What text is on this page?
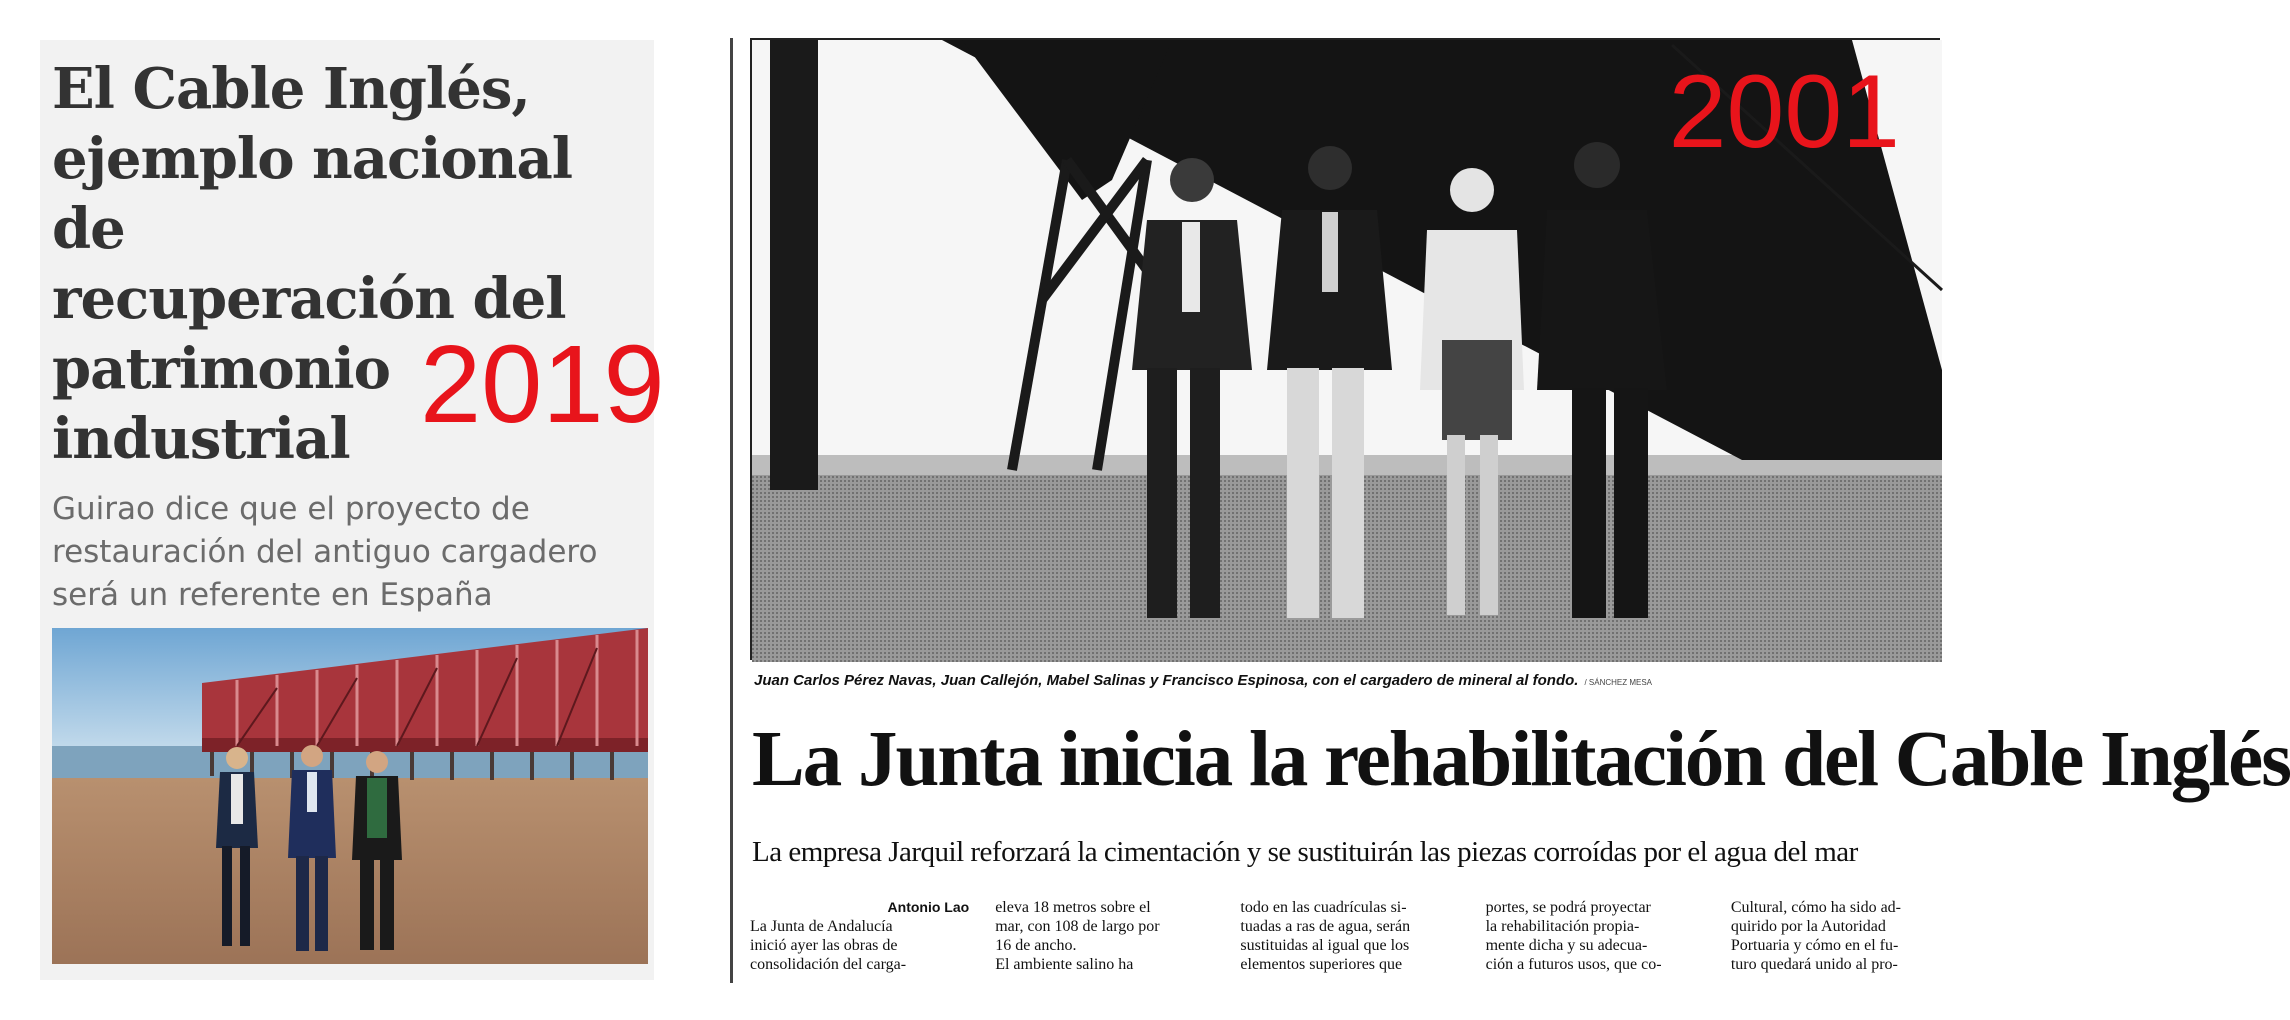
El Cable Inglés,
ejemplo nacional de
recuperación del
patrimonio
industrial 2019
Guirao dice que el proyecto de
restauración del antiguo cargadero
será un referente en España
2001
Juan Carlos Pérez Navas, Juan Callejón, Mabel Salinas y Francisco Espinosa, con el cargadero de mineral al fondo. / SÁNCHEZ MESA
La Junta inicia la rehabilitación del Cable Inglés
La empresa Jarquil reforzará la cimentación y se sustituirán las piezas corroídas por el agua del mar
Antonio Lao
La Junta de Andalucía
inició ayer las obras de
consolidación del carga-
eleva 18 metros sobre el
mar, con 108 de largo por
16 de ancho.
El ambiente salino ha
todo en las cuadrículas si-
tuadas a ras de agua, serán
sustituidas al igual que los
elementos superiores que
portes, se podrá proyectar
la rehabilitación propia-
mente dicha y su adecua-
ción a futuros usos, que co-
Cultural, cómo ha sido ad-
quirido por la Autoridad
Portuaria y cómo en el fu-
turo quedará unido al pro-
